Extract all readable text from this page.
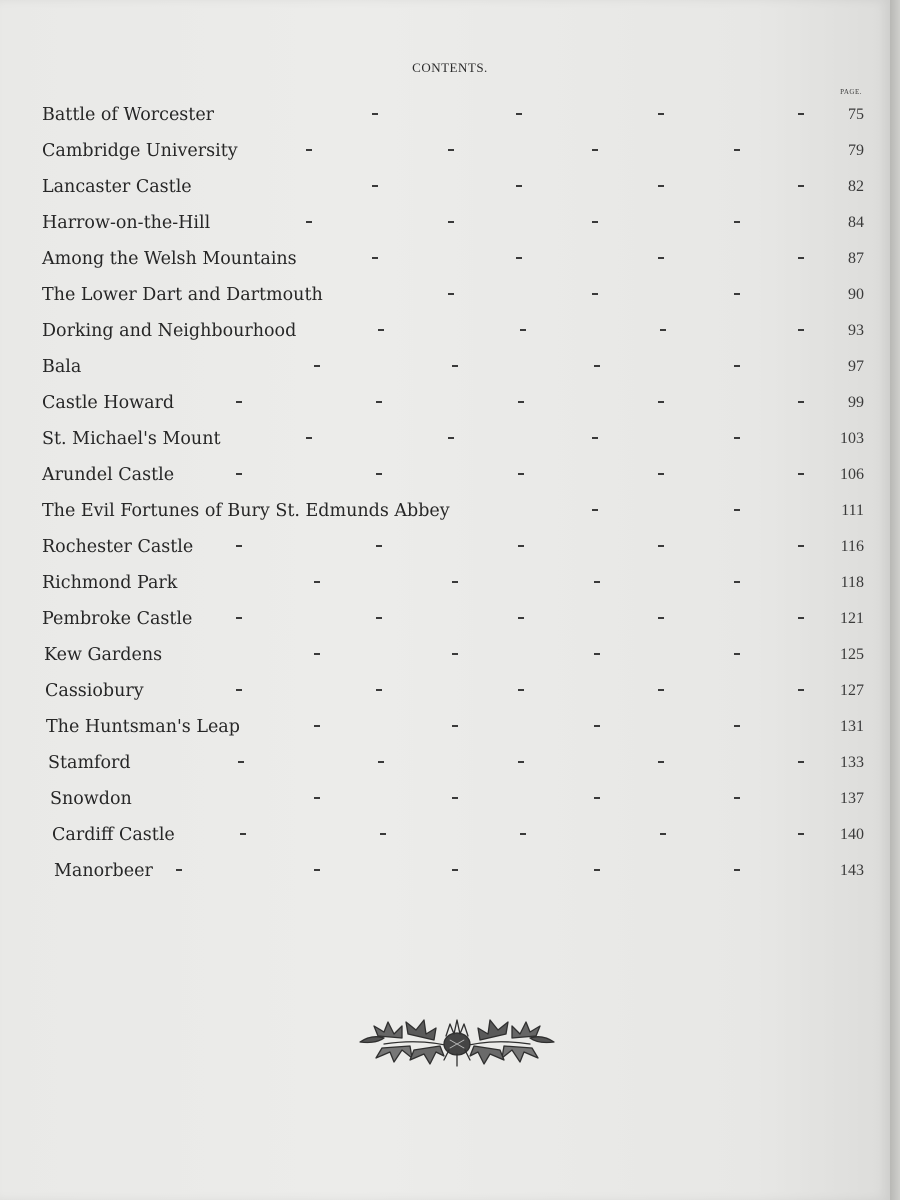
CONTENTS.
PAGE.
Battle of Worcester	75
Cambridge University	79
Lancaster Castle	82
Harrow-on-the-Hill	84
Among the Welsh Mountains	87
The Lower Dart and Dartmouth	90
Dorking and Neighbourhood	93
Bala	97
Castle Howard	99
St. Michael's Mount	103
Arundel Castle	106
The Evil Fortunes of Bury St. Edmunds Abbey	111
Rochester Castle	116
Richmond Park	118
Pembroke Castle	121
Kew Gardens	125
Cassiobury	127
The Huntsman's Leap	131
Stamford	133
Snowdon	137
Cardiff Castle	140
Manorbeer	143
